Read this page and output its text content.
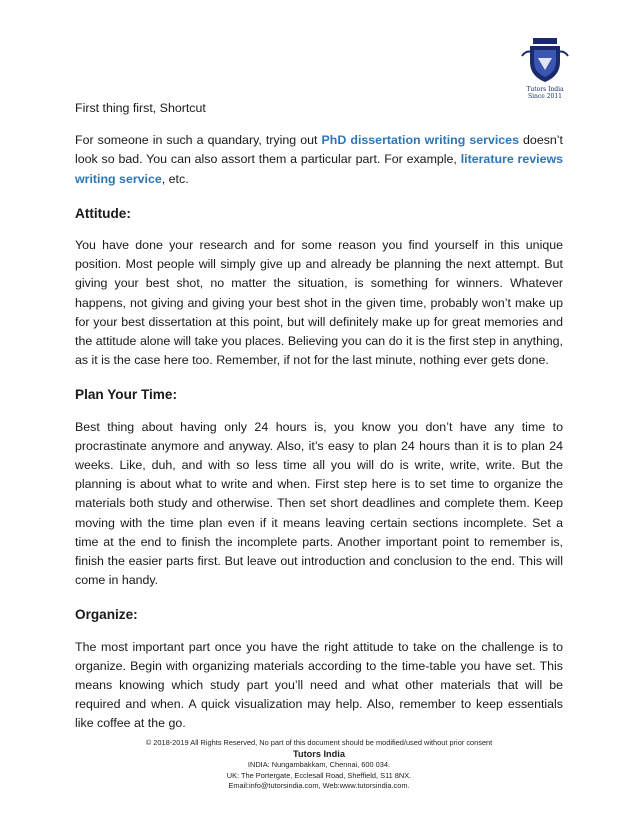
Tutors India
Since 2011

First thing first, Shortcut

For someone in such a quandary, trying out PhD dissertation writing services doesn’t look so bad. You can also assort them a particular part. For example, literature reviews writing service, etc.

Attitude:

You have done your research and for some reason you find yourself in this unique position. Most people will simply give up and already be planning the next attempt. But giving your best shot, no matter the situation, is something for winners. Whatever happens, not giving and giving your best shot in the given time, probably won’t make up for your best dissertation at this point, but will definitely make up for great memories and the attitude alone will take you places. Believing you can do it is the first step in anything, as it is the case here too. Remember, if not for the last minute, nothing ever gets done.

Plan Your Time:

Best thing about having only 24 hours is, you know you don’t have any time to procrastinate anymore and anyway. Also, it’s easy to plan 24 hours than it is to plan 24 weeks. Like, duh, and with so less time all you will do is write, write, write. But the planning is about what to write and when. First step here is to set time to organize the materials both study and otherwise. Then set short deadlines and complete them. Keep moving with the time plan even if it means leaving certain sections incomplete. Set a time at the end to finish the incomplete parts. Another important point to remember is, finish the easier parts first. But leave out introduction and conclusion to the end. This will come in handy.

Organize:

The most important part once you have the right attitude to take on the challenge is to organize. Begin with organizing materials according to the time-table you have set. This means knowing which study part you’ll need and what other materials that will be required and when. A quick visualization may help. Also, remember to keep essentials like coffee at the go.

© 2018-2019 All Rights Reserved, No part of this document should be modified/used without prior consent
Tutors India
INDIA: Nungambakkam, Chennai, 600 034.
UK: The Portergate, Ecclesall Road, Sheffield, S11 8NX.
Email:info@tutorsindia.com, Web:www.tutorsindia.com.
